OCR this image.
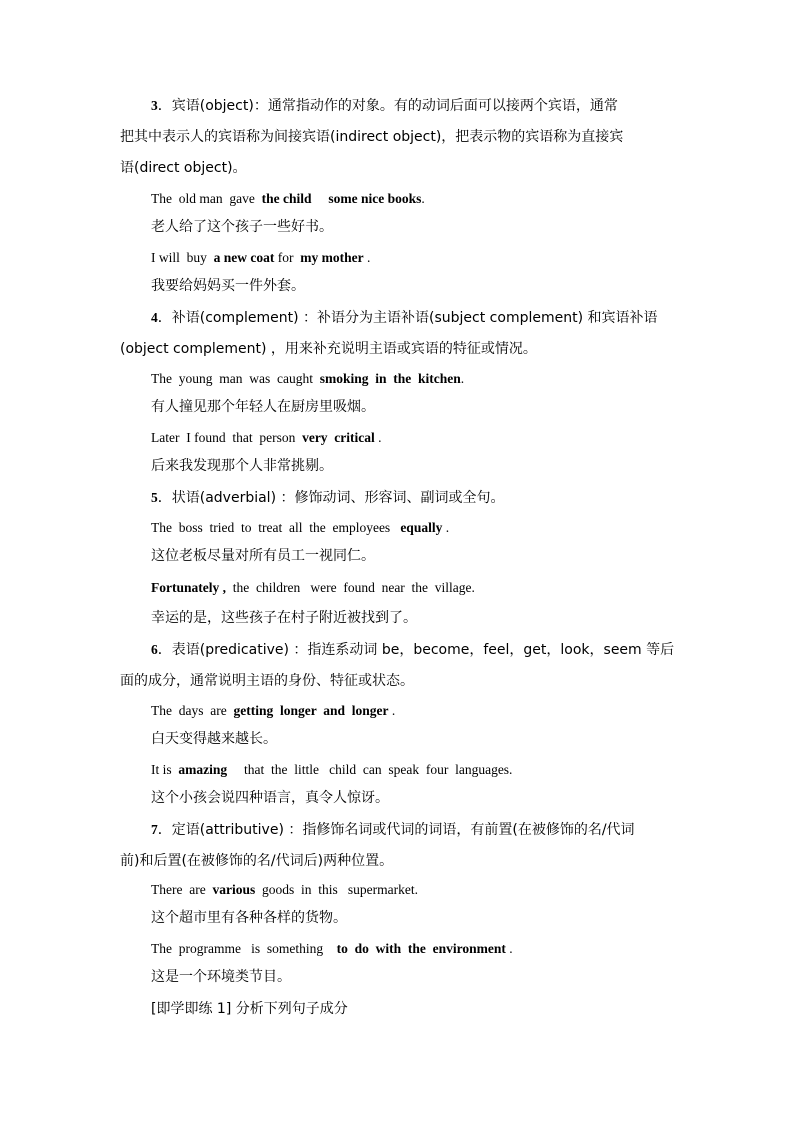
3．宾语(object)：通常指动作的对象。有的动词后面可以接两个宾语，通常
把其中表示人的宾语称为间接宾语(indirect object)，把表示物的宾语称为直接宾
语(direct object)。
The  old man  gave  the child some nice books.
老人给了这个孩子一些好书。
I will  buy  a new coat for  my mother .
我要给妈妈买一件外套。
4．补语(complement) ：补语分为主语补语(subject complement) 和宾语补语
(object complement) ，用来补充说明主语或宾语的特征或情况。
The  young  man  was  caught  smoking  in  the  kitchen.
有人撞见那个年轻人在厨房里吸烟。
Later  I found  that  person  very  critical .
后来我发现那个人非常挑剔。
5．状语(adverbial) ：修饰动词、形容词、副词或全句。
The  boss  tried  to  treat  all  the  employees   equally .
这位老板尽量对所有员工一视同仁。
Fortunately ,  the  children   were  found  near  the  village.
幸运的是，这些孩子在村子附近被找到了。
6．表语(predicative) ：指连系动词 be，become，feel，get，look，seem 等后
面的成分，通常说明主语的身份、特征或状态。
The  days  are  getting  longer  and  longer .
白天变得越来越长。
It is  amazing     that  the  little   child  can  speak  four  languages.
这个小孩会说四种语言，真令人惊讶。
7．定语(attributive) ：指修饰名词或代词的词语，有前置(在被修饰的名/代词
前)和后置(在被修饰的名/代词后)两种位置。
There  are  various  goods  in  this   supermarket.
这个超市里有各种各样的货物。
The  programme   is  something    to  do  with  the  environment .
这是一个环境类节目。
[即学即练 1] 分析下列句子成分
